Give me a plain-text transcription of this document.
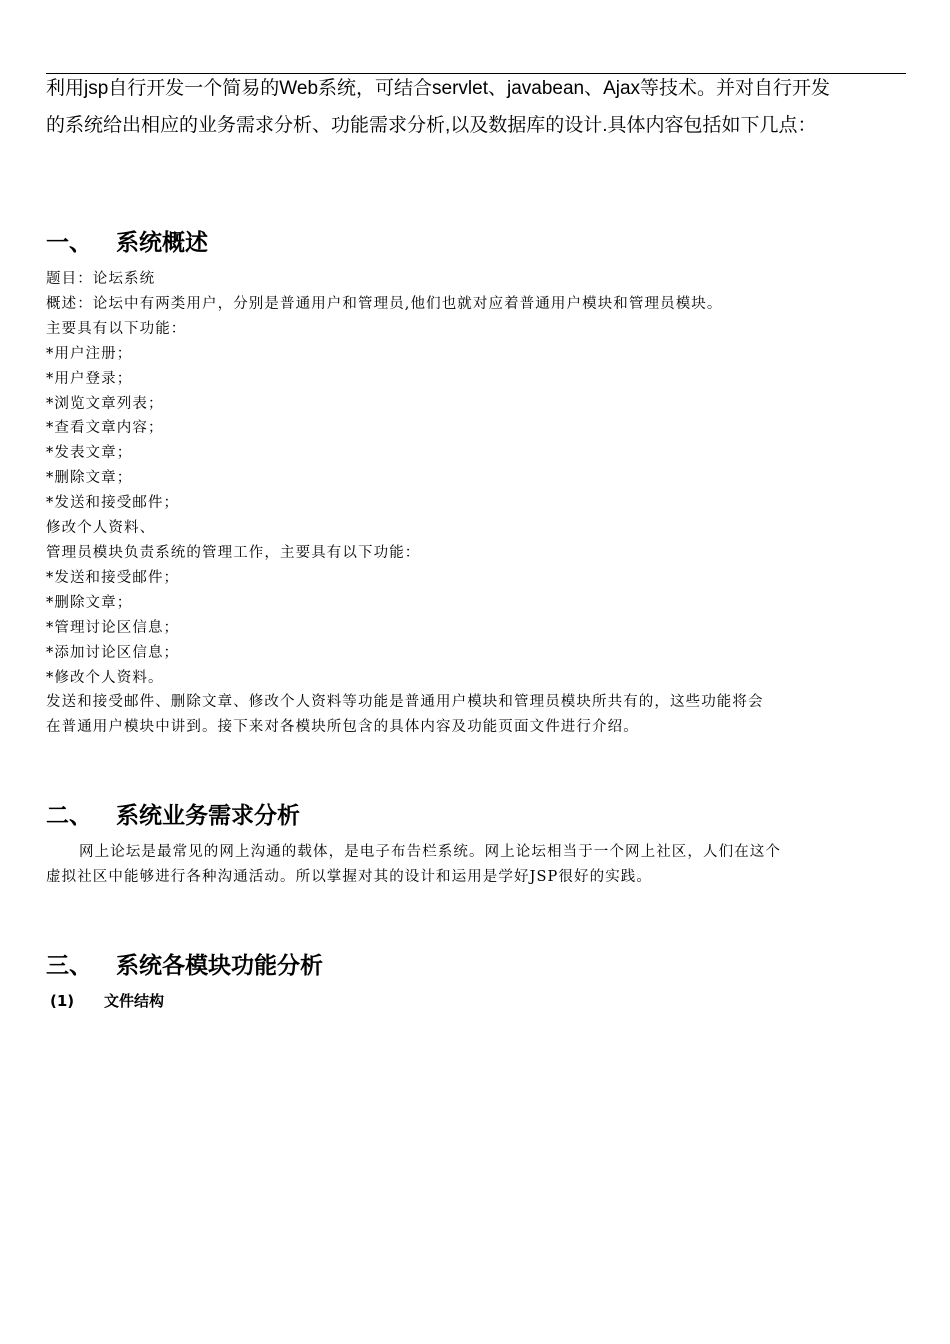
利用jsp自行开发一个简易的Web系统，可结合servlet、javabean、Ajax等技术。并对自行开发

的系统给出相应的业务需求分析、功能需求分析,以及数据库的设计.具体内容包括如下几点：

一、 系统概述

题目：论坛系统

概述：论坛中有两类用户，分别是普通用户和管理员,他们也就对应着普通用户模块和管理员模块。

主要具有以下功能：

*用户注册；

*用户登录；

*浏览文章列表；

*查看文章内容；

*发表文章；

*删除文章；

*发送和接受邮件；

修改个人资料、

管理员模块负责系统的管理工作，主要具有以下功能：

*发送和接受邮件；

*删除文章；

*管理讨论区信息；

*添加讨论区信息；

*修改个人资料。

发送和接受邮件、删除文章、修改个人资料等功能是普通用户模块和管理员模块所共有的，这些功能将会

在普通用户模块中讲到。接下来对各模块所包含的具体内容及功能页面文件进行介绍。

二、 系统业务需求分析

网上论坛是最常见的网上沟通的载体，是电子布告栏系统。网上论坛相当于一个网上社区，人们在这个

虚拟社区中能够进行各种沟通活动。所以掌握对其的设计和运用是学好JSP很好的实践。

三、 系统各模块功能分析
(1) 文件结构
